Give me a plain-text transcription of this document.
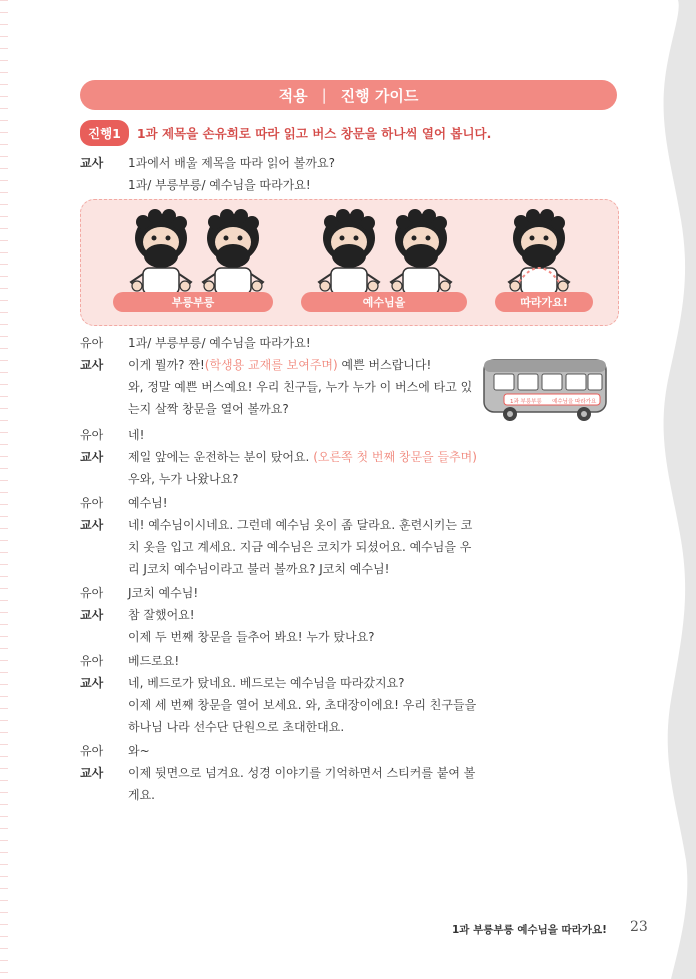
적용 | 진행 가이드
진행1	1과 제목을 손유희로 따라 읽고 버스 창문을 하나씩 열어 봅니다.
교사	1과에서 배울 제목을 따라 읽어 볼까요?
1과/ 부릉부릉/ 예수님을 따라가요!
부릉부릉	예수님을	따라가요!
유아	1과/ 부릉부릉/ 예수님을 따라가요!
교사	이게 뭘까? 짠!(학생용 교재를 보여주며) 예쁜 버스랍니다!
와, 정말 예쁜 버스예요! 우리 친구들, 누가 누가 이 버스에 타고 있
는지 살짝 창문을 열어 볼까요?	1과 부릉부릉 예수님을 따라가요
유아	네!
교사	제일 앞에는 운전하는 분이 탔어요. (오른쪽 첫 번째 창문을 들추며)
우와, 누가 나왔나요?
유아	예수님!
교사	네! 예수님이시네요. 그런데 예수님 옷이 좀 달라요. 훈련시키는 코
치 옷을 입고 계세요. 지금 예수님은 코치가 되셨어요. 예수님을 우
리 J코치 예수님이라고 불러 볼까요? J코치 예수님!
유아	J코치 예수님!
교사	참 잘했어요!
이제 두 번째 창문을 들추어 봐요! 누가 탔나요?
유아	베드로요!
교사	네, 베드로가 탔네요. 베드로는 예수님을 따라갔지요?
이제 세 번째 창문을 열어 보세요. 와, 초대장이에요! 우리 친구들을
하나님 나라 선수단 단원으로 초대한대요.
유아	와~
교사	이제 뒷면으로 넘겨요. 성경 이야기를 기억하면서 스티커를 붙여 볼
게요.
1과 부릉부릉 예수님을 따라가요! 23
